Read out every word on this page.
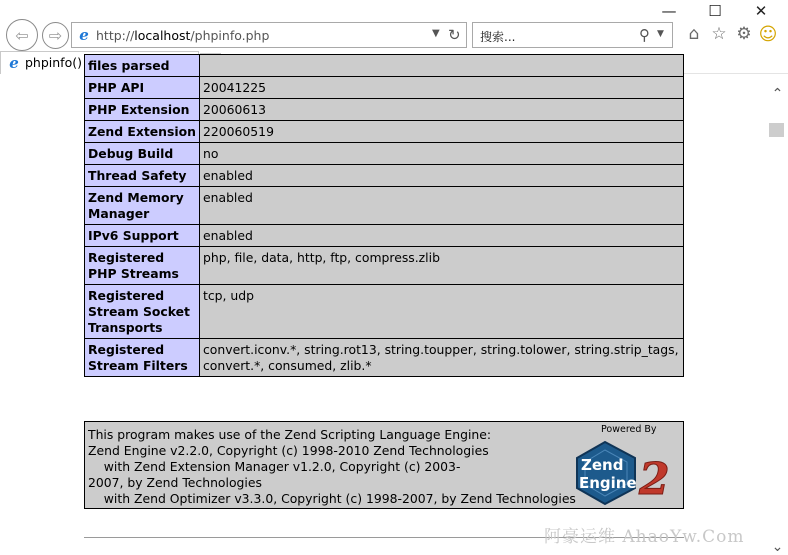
— ☐ ✕
⇦ ⇨ e http://localhost/phpinfo.php	▼ ↻ 搜索...	⚲ ▼ ⌂ ☆ ⚙ ☺
e phpinfo() files parsed	
PHP API	20041225
PHP Extension	20060613
Zend Extension	220060519
Debug Build	no
Thread Safety	enabled
Zend Memory Manager	enabled
IPv6 Support	enabled
Registered PHP Streams	php, file, data, http, ftp, compress.zlib
Registered Stream Socket Transports	tcp, udp
Registered Stream Filters	convert.iconv.*, string.rot13, string.toupper, string.tolower, string.strip_tags, convert.*, consumed, zlib.*
This program makes use of the Zend Scripting Language Engine:
Zend Engine v2.2.0, Copyright (c) 1998-2010 Zend Technologies
with Zend Extension Manager v1.2.0, Copyright (c) 2003-
2007, by Zend Technologies
with Zend Optimizer v3.3.0, Copyright (c) 1998-2007, by Zend Technologies
Powered By
Zend
Engine 2
阿豪运维 AhaoYw.Com
⌃
⌄
